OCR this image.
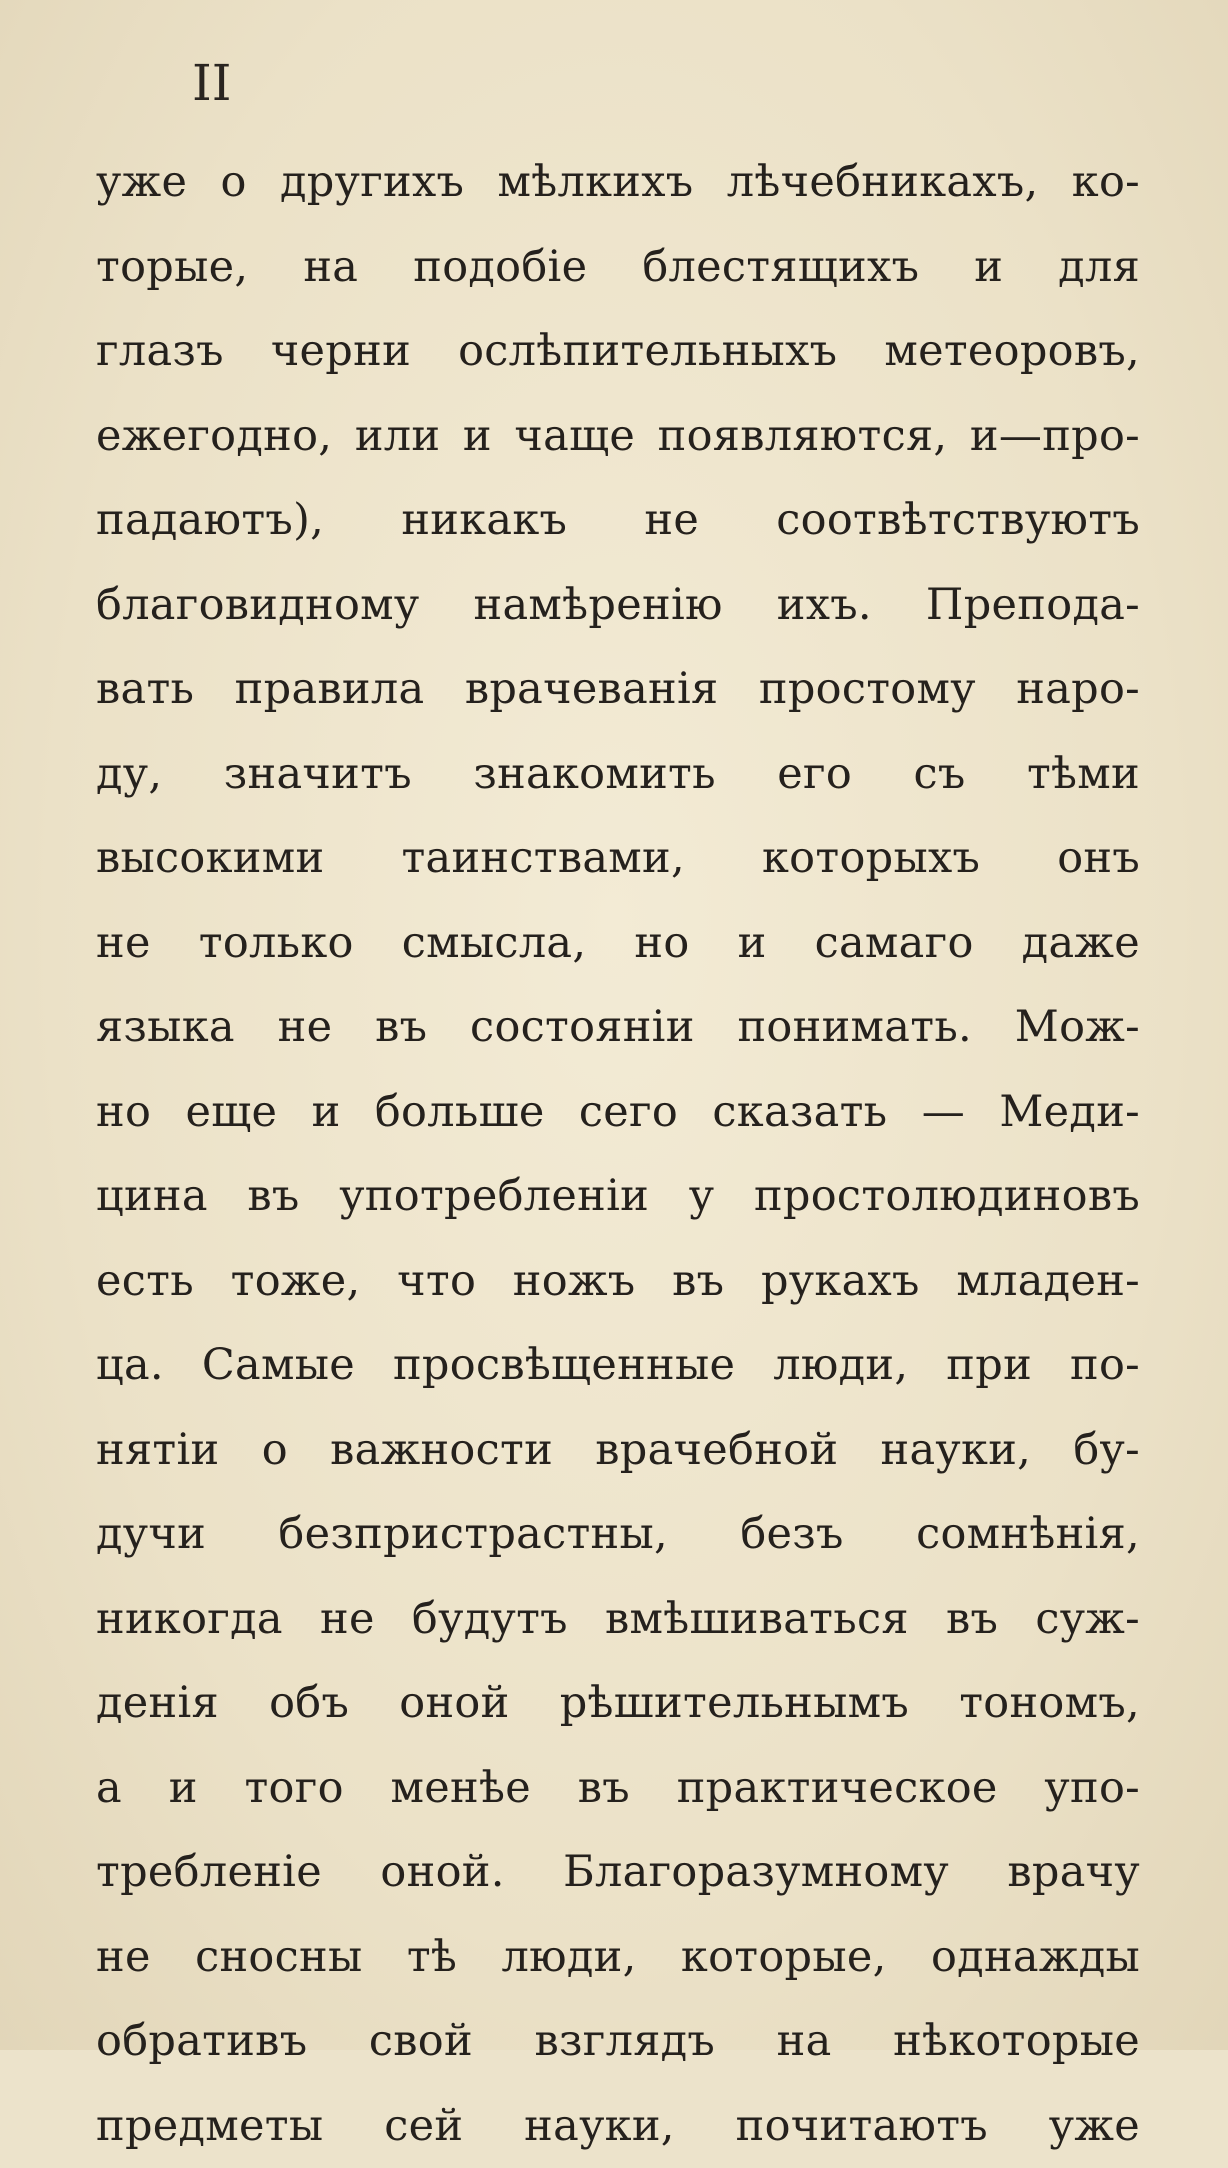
II
уже о другихъ мѣлкихъ лѣчебникахъ, ко-
торые, на подобіе блестящихъ и для
глазъ черни ослѣпительныхъ метеоровъ,
ежегодно, или и чаще появляются, и—про-
падаютъ), никакъ не соотвѣтствуютъ
благовидному намѣренію ихъ. Препода-
вать правила врачеванія простому наро-
ду, значитъ знакомить его съ тѣми
высокими таинствами, которыхъ онъ
не только смысла, но и самаго даже
языка не въ состояніи понимать. Мож-
но еще и больше сего сказать — Меди-
цина въ употребленіи у простолюдиновъ
есть тоже, что ножъ въ рукахъ младен-
ца. Самые просвѣщенные люди, при по-
нятіи о важности врачебной науки, бу-
дучи безпристрастны, безъ сомнѣнія,
никогда не будутъ вмѣшиваться въ суж-
денія объ оной рѣшительнымъ тономъ,
а и того менѣе въ практическое упо-
требленіе оной. Благоразумному врачу
не сносны тѣ люди, которые, однажды
обративъ свой взглядъ на нѣкоторые
предметы сей науки, почитаютъ уже
